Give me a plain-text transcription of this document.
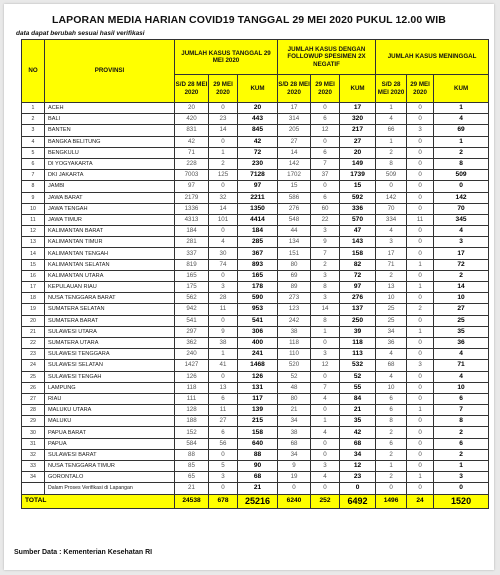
LAPORAN MEDIA HARIAN COVID19 TANGGAL 29 MEI 2020 PUKUL 12.00 WIB
data dapat berubah sesuai hasil verifikasi
NO	PROVINSI	JUMLAH KASUS TANGGAL 29 MEI 2020			JUMLAH KASUS DENGAN FOLLOWUP SPESIMEN 2X NEGATIF			JUMLAH KASUS MENINGGAL		

		S/D 28 MEI 2020	29 MEI 2020	KUM	S/D 28 MEI 2020	29 MEI 2020	KUM	S/D 28 MEI 2020	29 MEI 2020	KUM
1	ACEH	20	0	20	17	0	17	1	0	1
2	BALI	420	23	443	314	6	320	4	0	4
3	BANTEN	831	14	845	205	12	217	66	3	69
4	BANGKA BELITUNG	42	0	42	27	0	27	1	0	1
5	BENGKULU	71	1	72	14	6	20	2	0	2
6	DI YOGYAKARTA	228	2	230	142	7	149	8	0	8
7	DKI JAKARTA	7003	125	7128	1702	37	1739	509	0	509
8	JAMBI	97	0	97	15	0	15	0	0	0
9	JAWA BARAT	2179	32	2211	586	6	592	142	0	142
10	JAWA TENGAH	1336	14	1350	276	60	336	70	0	70
11	JAWA TIMUR	4313	101	4414	548	22	570	334	11	345
12	KALIMANTAN BARAT	184	0	184	44	3	47	4	0	4
13	KALIMANTAN TIMUR	281	4	285	134	9	143	3	0	3
14	KALIMANTAN TENGAH	337	30	367	151	7	158	17	0	17
15	KALIMANTAN SELATAN	819	74	893	80	2	82	71	1	72
16	KALIMANTAN UTARA	165	0	165	69	3	72	2	0	2
17	KEPULAUAN RIAU	175	3	178	89	8	97	13	1	14
18	NUSA TENGGARA BARAT	562	28	590	273	3	276	10	0	10
19	SUMATERA SELATAN	942	11	953	123	14	137	25	2	27
20	SUMATERA BARAT	541	0	541	242	8	250	25	0	25
21	SULAWESI UTARA	297	9	306	38	1	39	34	1	35
22	SUMATERA UTARA	362	38	400	118	0	118	36	0	36
23	SULAWESI TENGGARA	240	1	241	110	3	113	4	0	4
24	SULAWESI SELATAN	1427	41	1468	520	12	532	68	3	71
25	SULAWESI TENGAH	126	0	126	52	0	52	4	0	4
26	LAMPUNG	118	13	131	48	7	55	10	0	10
27	RIAU	111	6	117	80	4	84	6	0	6
28	MALUKU UTARA	128	11	139	21	0	21	6	1	7
29	MALUKU	188	27	215	34	1	35	8	0	8
30	PAPUA BARAT	152	6	158	38	4	42	2	0	2
31	PAPUA	584	56	640	68	0	68	6	0	6
32	SULAWESI BARAT	88	0	88	34	0	34	2	0	2
33	NUSA TENGGARA TIMUR	85	5	90	9	3	12	1	0	1
34	GORONTALO	65	3	68	19	4	23	2	1	3
	Dalam Proses Verifikasi di Lapangan	21	0	21	0	0	0	0	0	0
TOTAL		24538	678	25216	6240	252	6492	1496	24	1520
Sumber Data : Kementerian Kesehatan RI
